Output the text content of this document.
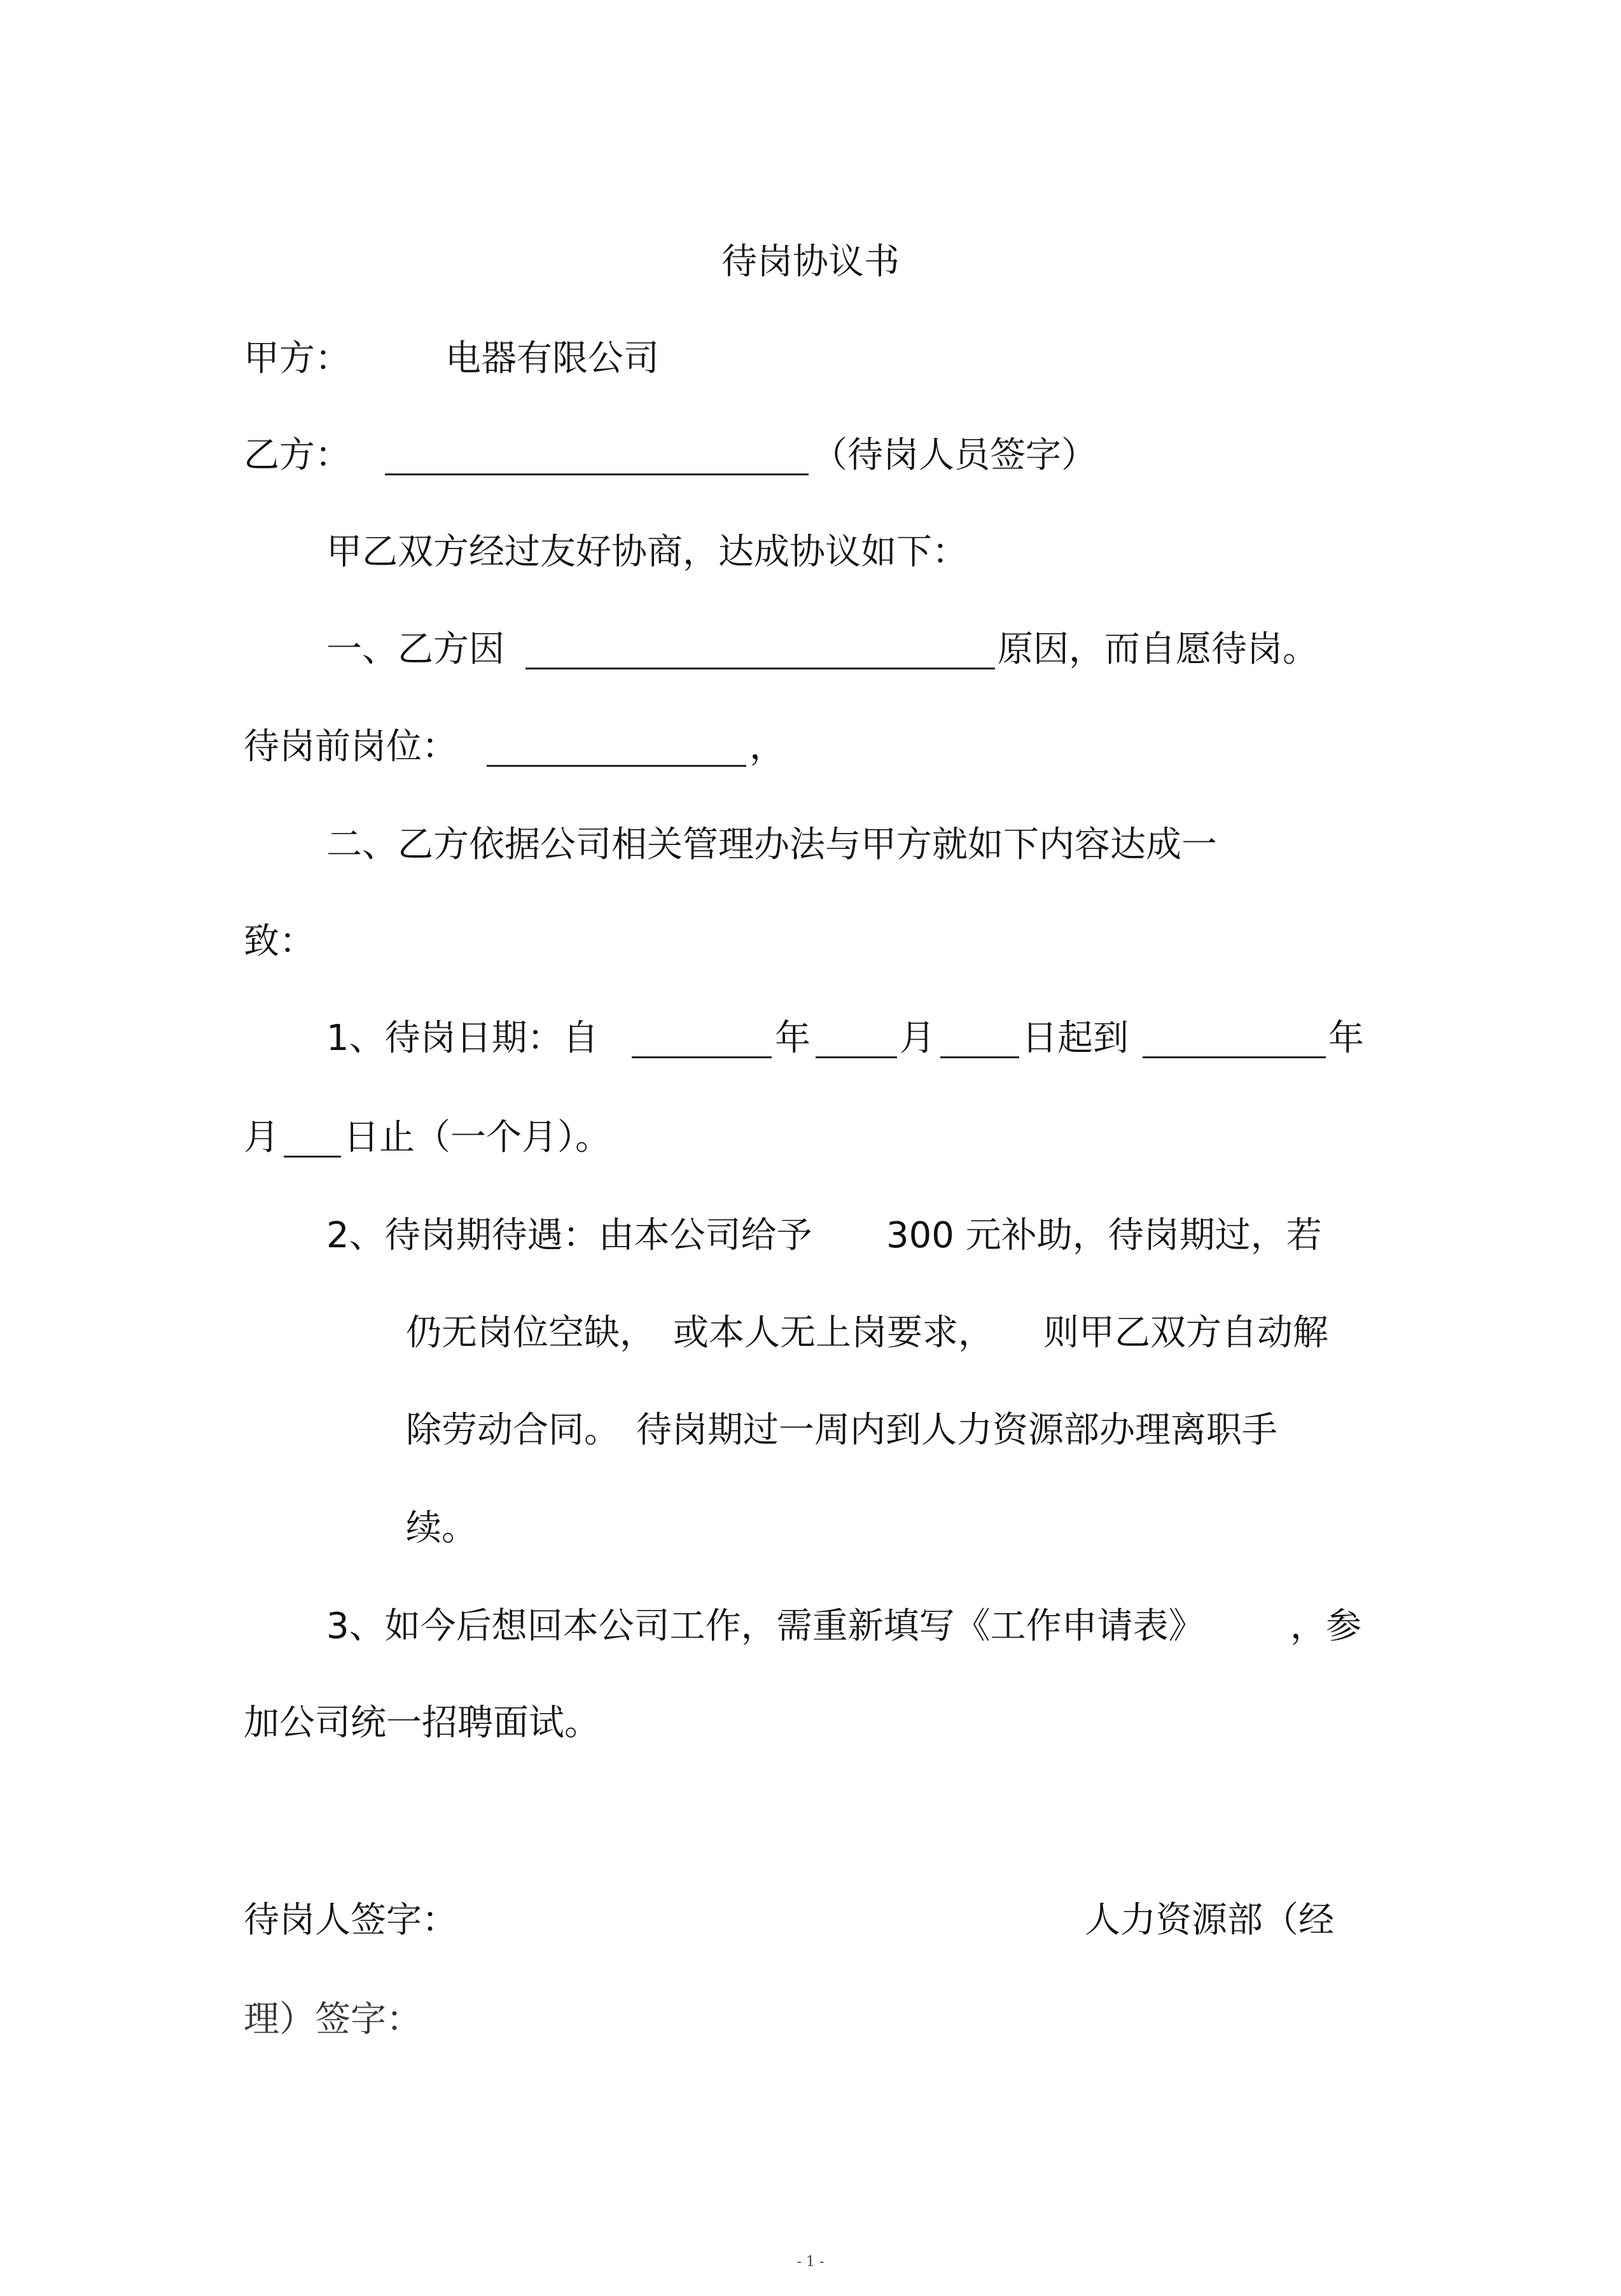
待岗协议书
甲方：	电器有限公司
乙方：	（待岗人员签字）
甲乙双方经过友好协商，达成协议如下：
一、乙方因	原因，而自愿待岗。
待岗前岗位：	，
二、乙方依据公司相关管理办法与甲方就如下内容达成一
致：
1、待岗日期：自	年	月 日起到	年
月 日止（一个月）。
2、待岗期待遇：由本公司给予 300 元补助，待岗期过，若
仍无岗位空缺， 或本人无上岗要求， 则甲乙双方自动解
除劳动合同。 待岗期过一周内到人力资源部办理离职手
续。
3、如今后想回本公司工作，需重新填写《工作申请表》 ，参
加公司统一招聘面试。
待岗人签字：	人力资源部（经
理）签字：
- 1 -
